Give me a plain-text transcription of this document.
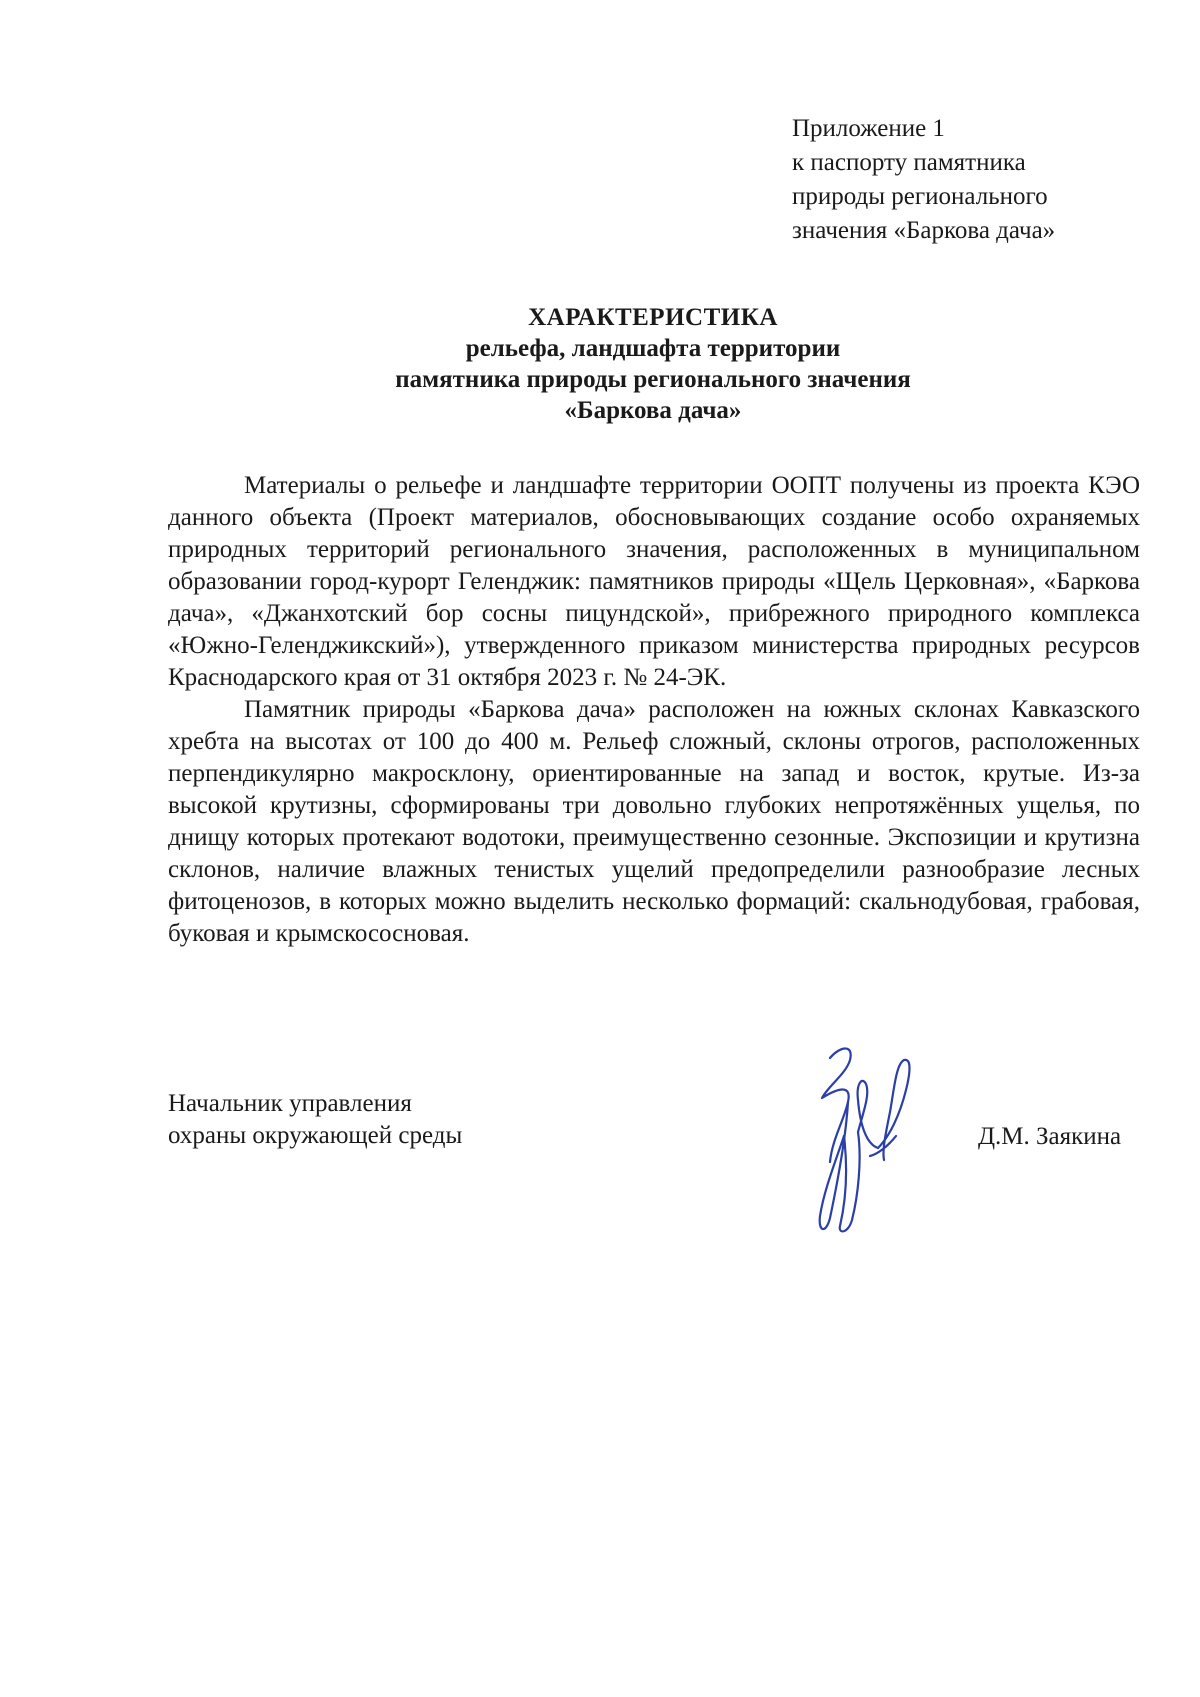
Приложение 1
к паспорту памятника
природы регионального
значения «Баркова дача»
ХАРАКТЕРИСТИКА
рельефа, ландшафта территории
памятника природы регионального значения
«Баркова дача»

Материалы о рельефе и ландшафте территории ООПТ получены из проекта КЭО данного объекта (Проект материалов, обосновывающих создание особо охраняемых природных территорий регионального значения, расположенных в муниципальном образовании город-курорт Геленджик: памятников природы «Щель Церковная», «Баркова дача», «Джанхотский бор сосны пицундской», прибрежного природного комплекса «Южно-Геленджикский»), утвержденного приказом министерства природных ресурсов Краснодарского края от 31 октября 2023 г. № 24-ЭК.

Памятник природы «Баркова дача» расположен на южных склонах Кавказского хребта на высотах от 100 до 400 м. Рельеф сложный, склоны отрогов, расположенных перпендикулярно макросклону, ориентированные на запад и восток, крутые. Из-за высокой крутизны, сформированы три довольно глубоких непротяжённых ущелья, по днищу которых протекают водотоки, преимущественно сезонные. Экспозиции и крутизна склонов, наличие влажных тенистых ущелий предопределили разнообразие лесных фитоценозов, в которых можно выделить несколько формаций: скальнодубовая, грабовая, буковая и крымскососновая.

Начальник управления
охраны окружающей среды	Д.М. Заякина
